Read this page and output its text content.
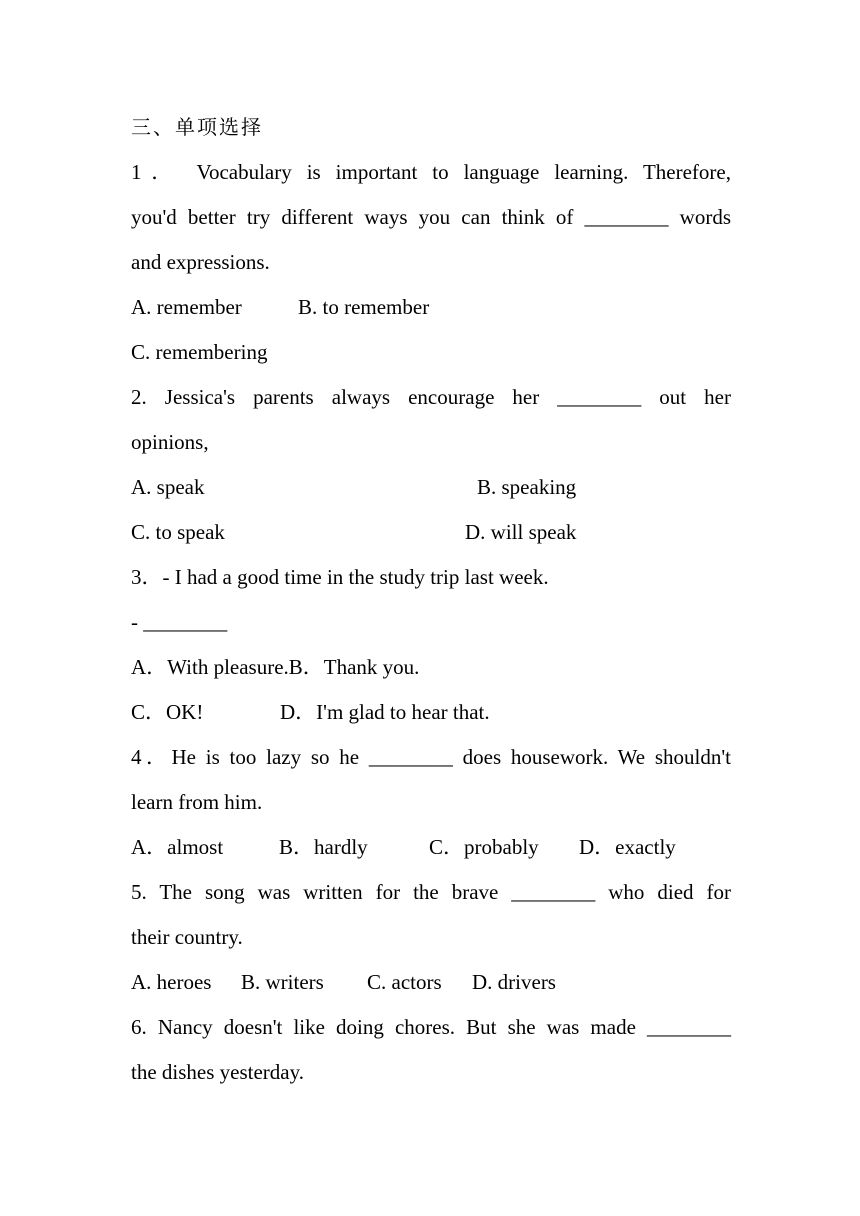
三、单项选择
1． Vocabulary is important to language learning. Therefore,
you'd better try different ways you can think of ________ words
and expressions.
A. remember	B. to remember
C. remembering
2. Jessica's parents always encourage her ________ out her
opinions,
A. speak	B. speaking
C. to speak	D. will speak
3．- I had a good time in the study trip last week.
- ________
A．With pleasure.B．Thank you.
C．OK!	D．I'm glad to hear that.
4．He is too lazy so he ________ does housework. We shouldn't
learn from him.
A．almost	B．hardly	C．probably D．exactly
5. The song was written for the brave ________ who died for
their country.
A. heroes B. writers C. actors D. drivers
6. Nancy doesn't like doing chores. But she was made ________
the dishes yesterday.
